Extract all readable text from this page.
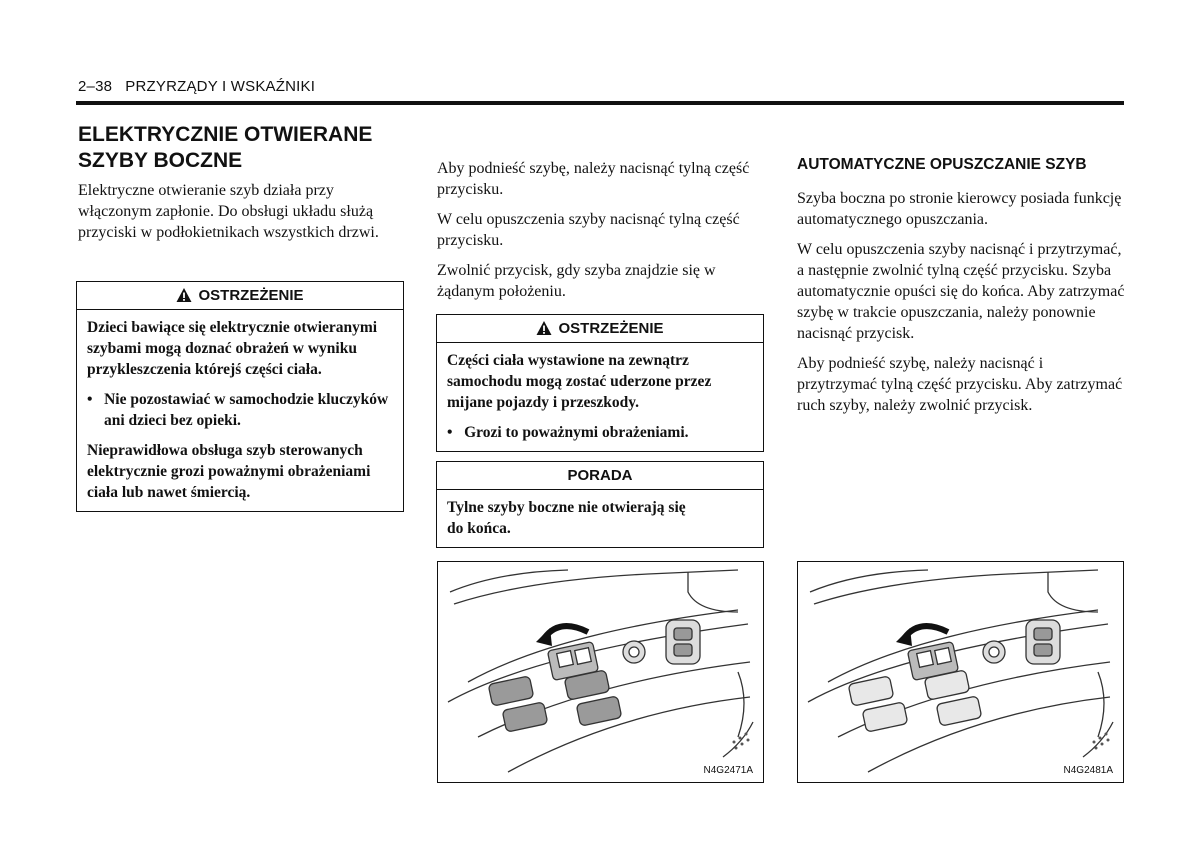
2–38 PRZYRZĄDY I WSKAŹNIKI
ELEKTRYCZNIE OTWIERANE
SZYBY BOCZNE

Elektryczne otwieranie szyb działa przy włączonym zapłonie. Do obsługi układu służą przyciski w podłokietnikach wszystkich drzwi.

OSTRZEŻENIE
Dzieci bawiące się elektrycznie otwieranymi szybami mogą doznać obrażeń w wyniku przykleszczenia którejś części ciała.
•   Nie pozostawiać w samochodzie kluczyków ani dzieci bez opieki.
Nieprawidłowa obsługa szyb sterowanych elektrycznie grozi poważnymi obrażeniami ciała lub nawet śmiercią.

Aby podnieść szybę, należy nacisnąć tylną część przycisku.

W celu opuszczenia szyby nacisnąć tylną część przycisku.

Zwolnić przycisk, gdy szyba znajdzie się w żądanym położeniu.

OSTRZEŻENIE
Części ciała wystawione na zewnątrz samochodu mogą zostać uderzone przez mijane pojazdy i przeszkody.
•   Grozi to poważnymi obrażeniami.
PORADA
Tylne szyby boczne nie otwierają się do końca.
N4G2471A
AUTOMATYCZNE OPUSZCZANIE SZYB

Szyba boczna po stronie kierowcy posiada funkcję automatycznego opuszczania.

W celu opuszczenia szyby nacisnąć i przytrzymać, a następnie zwolnić tylną część przycisku. Szyba automatycznie opuści się do końca. Aby zatrzymać szybę w trakcie opuszczania, należy ponownie nacisnąć przycisk.

Aby podnieść szybę, należy nacisnąć i przytrzymać tylną część przycisku. Aby zatrzymać ruch szyby, należy zwolnić przycisk.

N4G2481A
